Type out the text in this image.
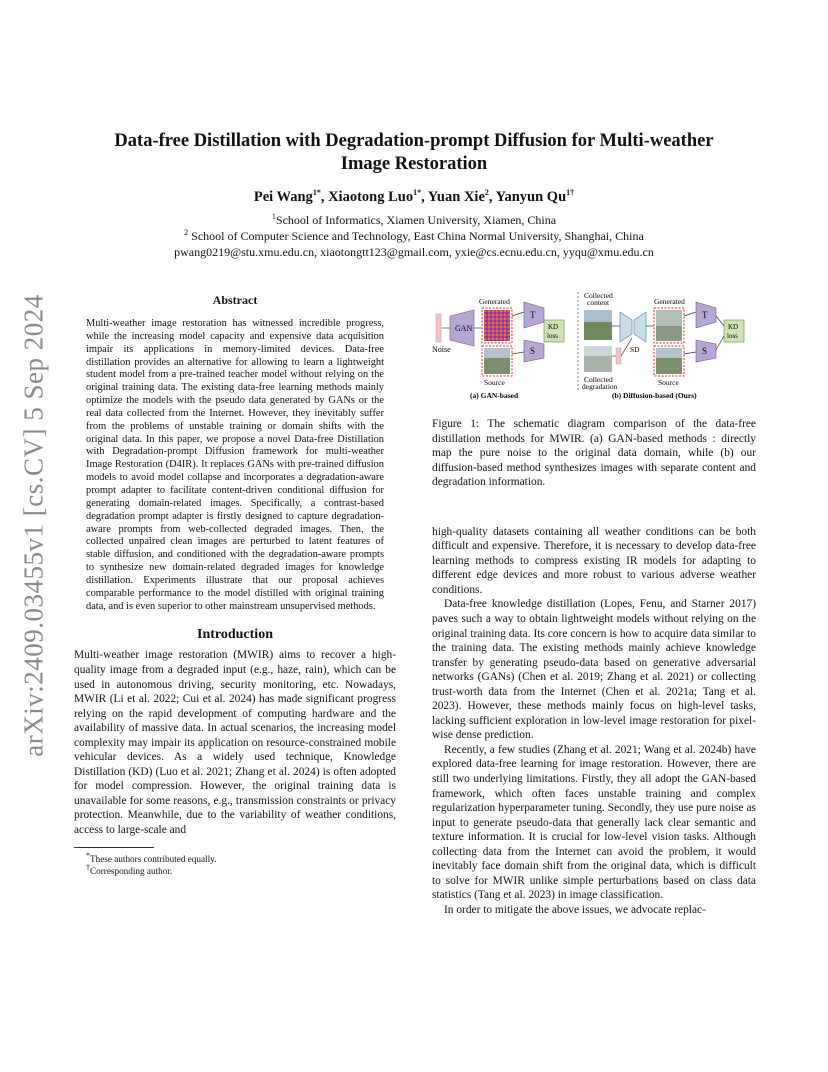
arXiv:2409.03455v1 [cs.CV] 5 Sep 2024
Data-free Distillation with Degradation-prompt Diffusion for Multi-weather Image Restoration
Pei Wang$^{1*}$, Xiaotong Luo$^{1*}$, Yuan Xie$^2$, Yanyun $Qu^{1\dagger}$
$^1$School of Informatics, Xiamen University, Xiamen, China
$^2$ School of Computer Science and Technology, East China Normal University, Shanghai, China
pwang0219@stu.xmu.edu.cn, xiaotongtt123@gmail.com, yxie@cs.ecnu.edu.cn, yyqu@xmu.edu.cn
Abstract
Multi-weather image restoration has witnessed incredible progress, while the increasing model capacity and expensive data acquisition impair its applications in memory-limited devices. Data-free distillation provides an alternative for allowing to learn a lightweight student model from a pre-trained teacher model without relying on the original training data. The existing data-free learning methods mainly optimize the models with the pseudo data generated by GANs or the real data collected from the Internet. However, they inevitably suffer from the problems of unstable training or domain shifts with the original data. In this paper, we propose a novel Data-free Distillation with Degradation-prompt Diffusion framework for multi-weather Image Restoration (D4IR). It replaces GANs with pre-trained diffusion models to avoid model collapse and incorporates a degradation-aware prompt adapter to facilitate content-driven conditional diffusion for generating domain-related images. Specifically, a contrast-based degradation prompt adapter is firstly designed to capture degradation-aware prompts from web-collected degraded images. Then, the collected unpaired clean images are perturbed to latent features of stable diffusion, and conditioned with the degradation-aware prompts to synthesize new domain-related degraded images for knowledge distillation. Experiments illustrate that our proposal achieves comparable performance to the model distilled with original training data, and is even superior to other mainstream unsupervised methods.
Introduction

Multi-weather image restoration (MWIR) aims to recover a high-quality image from a degraded input (e.g., haze, rain), which can be used in autonomous driving, security monitoring, etc. Nowadays, MWIR (Li et al. 2022; Cui et al. 2024) has made significant progress relying on the rapid development of computing hardware and the availability of massive data. In actual scenarios, the increasing model complexity may impair its application on resource-constrained mobile vehicular devices. As a widely used technique, Knowledge Distillation (KD) (Luo et al. 2021; Zhang et al. 2024) is often adopted for model compression. However, the original training data is unavailable for some reasons, e.g., transmission constraints or privacy protection. Meanwhile, due to the variability of weather conditions, access to large-scale and

*These authors contributed equally.
†Corresponding author.
Noise
GAN
Generated
Source
T
S
KD
loss
(a) GAN-based
Collected
content
Collected
degradation
SD
Generated
Source
T
S
KD
loss
(b) Diffusion-based (Ours)
Figure 1: The schematic diagram comparison of the data-free distillation methods for MWIR. (a) GAN-based methods : directly map the pure noise to the original data domain, while (b) our diffusion-based method synthesizes images with separate content and degradation information.

high-quality datasets containing all weather conditions can be both difficult and expensive. Therefore, it is necessary to develop data-free learning methods to compress existing IR models for adapting to different edge devices and more robust to various adverse weather conditions.

Data-free knowledge distillation (Lopes, Fenu, and Starner 2017) paves such a way to obtain lightweight models without relying on the original training data. Its core concern is how to acquire data similar to the training data. The existing methods mainly achieve knowledge transfer by generating pseudo-data based on generative adversarial networks (GANs) (Chen et al. 2019; Zhang et al. 2021) or collecting trust-worth data from the Internet (Chen et al. 2021a; Tang et al. 2023). However, these methods mainly focus on high-level tasks, lacking sufficient exploration in low-level image restoration for pixel-wise dense prediction.

Recently, a few studies (Zhang et al. 2021; Wang et al. 2024b) have explored data-free learning for image restoration. However, there are still two underlying limitations. Firstly, they all adopt the GAN-based framework, which often faces unstable training and complex regularization hyperparameter tuning. Secondly, they use pure noise as input to generate pseudo-data that generally lack clear semantic and texture information. It is crucial for low-level vision tasks. Although collecting data from the Internet can avoid the problem, it would inevitably face domain shift from the original data, which is difficult to solve for MWIR unlike simple perturbations based on class data statistics (Tang et al. 2023) in image classification.

In order to mitigate the above issues, we advocate replac-
